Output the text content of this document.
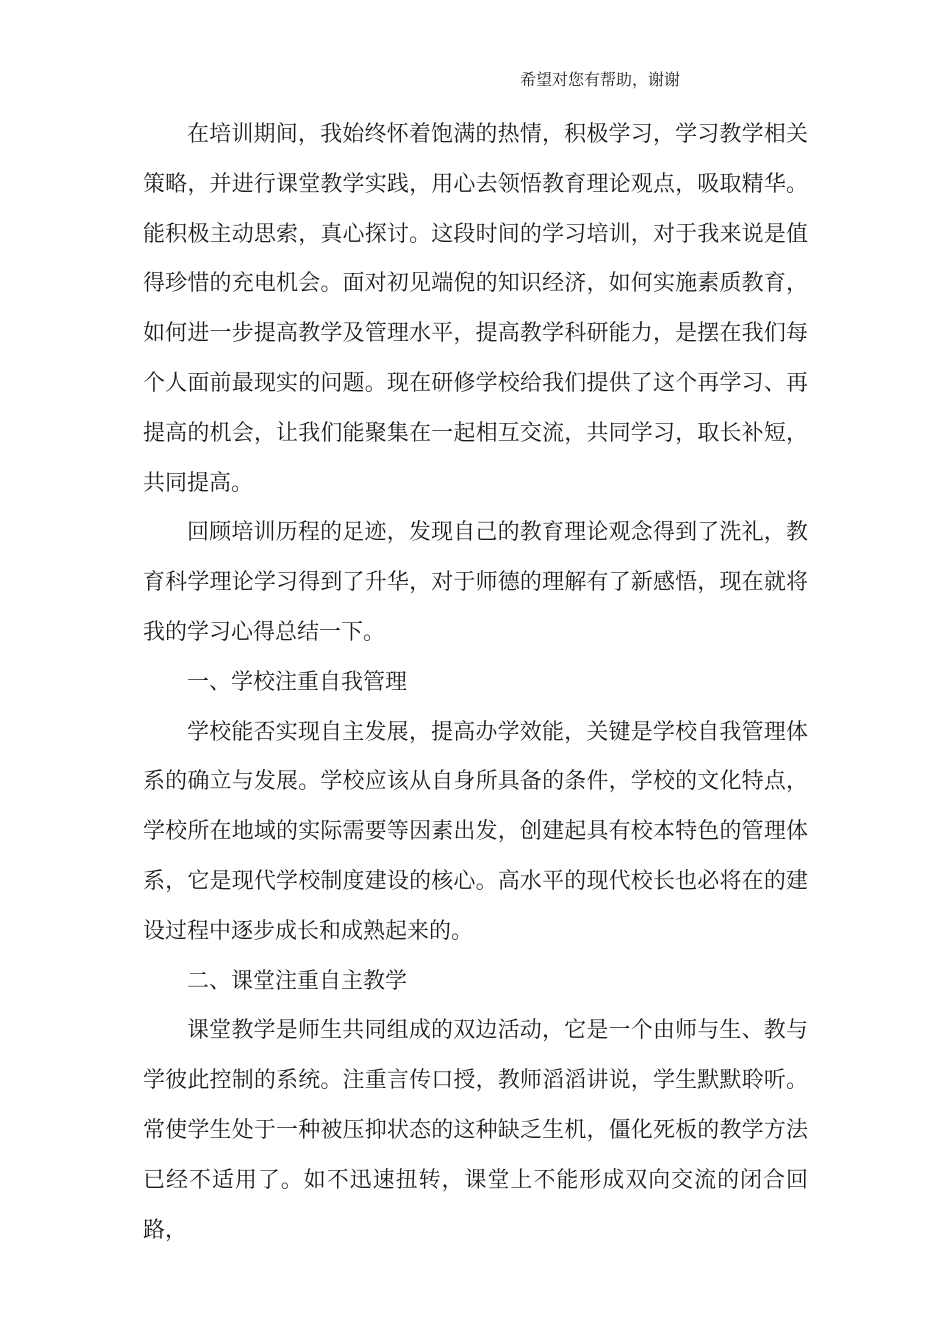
希望对您有帮助，谢谢

在培训期间，我始终怀着饱满的热情，积极学习，学习教学相关策略，并进行课堂教学实践，用心去领悟教育理论观点，吸取精华。能积极主动思索，真心探讨。这段时间的学习培训，对于我来说是值得珍惜的充电机会。面对初见端倪的知识经济，如何实施素质教育，如何进一步提高教学及管理水平，提高教学科研能力，是摆在我们每个人面前最现实的问题。现在研修学校给我们提供了这个再学习、再提高的机会，让我们能聚集在一起相互交流，共同学习，取长补短，共同提高。

回顾培训历程的足迹，发现自己的教育理论观念得到了洗礼，教育科学理论学习得到了升华，对于师德的理解有了新感悟，现在就将我的学习心得总结一下。

一、学校注重自我管理

学校能否实现自主发展，提高办学效能，关键是学校自我管理体系的确立与发展。学校应该从自身所具备的条件，学校的文化特点，学校所在地域的实际需要等因素出发，创建起具有校本特色的管理体系，它是现代学校制度建设的核心。高水平的现代校长也必将在的建设过程中逐步成长和成熟起来的。

二、课堂注重自主教学

课堂教学是师生共同组成的双边活动，它是一个由师与生、教与学彼此控制的系统。注重言传口授，教师滔滔讲说，学生默默聆听。常使学生处于一种被压抑状态的这种缺乏生机，僵化死板的教学方法已经不适用了。如不迅速扭转，课堂上不能形成双向交流的闭合回路，
